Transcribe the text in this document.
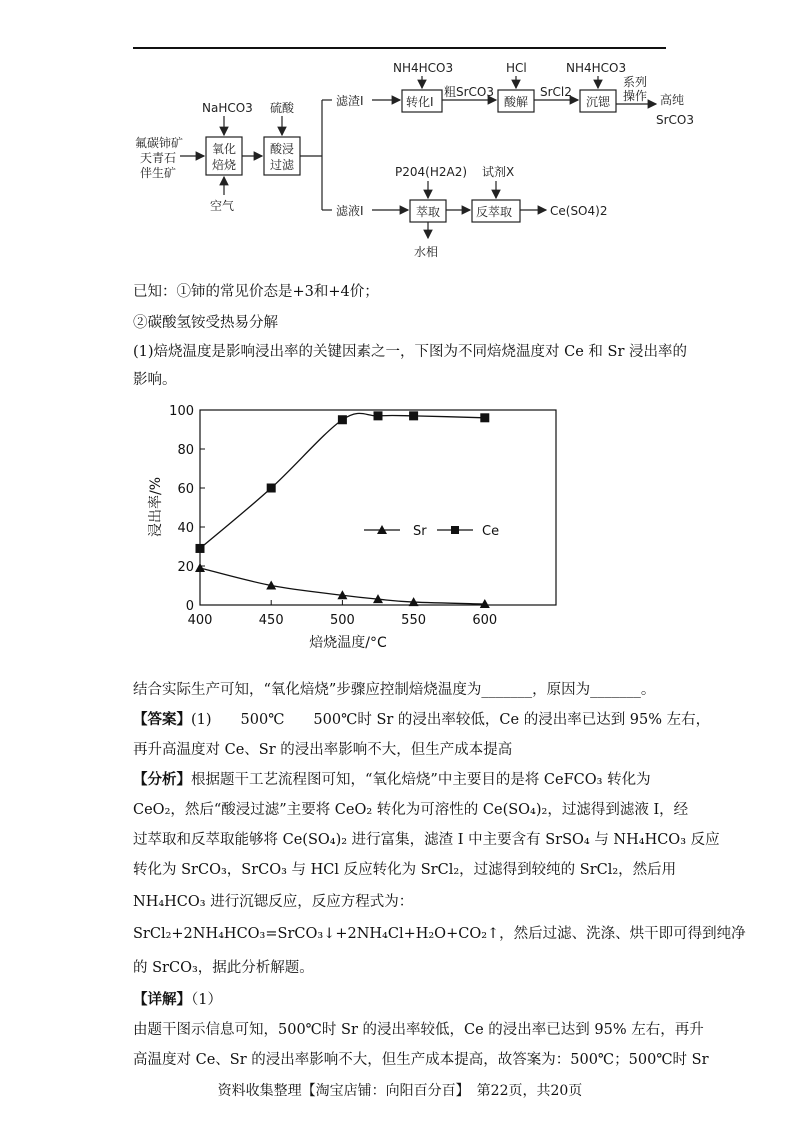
氟碳铈矿
天青石
伴生矿
氧化
焙烧
NaHCO3
空气
酸浸
过滤
硫酸	滤渣I	转化I
NH4HCO3
粗SrCO3
酸解
HCl
SrCl2
沉锶
NH4HCO3
系列
操作 高纯
SrCO3
滤液I	萃取
P204(H2A2)
水相
反萃取
试剂X
Ce(SO4)2
已知：①铈的常见价态是+3和+4价；
②碳酸氢铵受热易分解
(1)焙烧温度是影响浸出率的关键因素之一，下图为不同焙烧温度对 Ce 和 Sr 浸出率的
影响。
0
20
40
60
80
100
400	450	500	550	600
Sr	Ce
焙烧温度/°C
浸出率/%
结合实际生产可知，“氧化焙烧”步骤应控制焙烧温度为_______，原因为_______。
【答案】(1)　　500℃　　500℃时 Sr 的浸出率较低，Ce 的浸出率已达到 95% 左右，
再升高温度对 Ce、Sr 的浸出率影响不大，但生产成本提高
【分析】根据题干工艺流程图可知，“氧化焙烧”中主要目的是将 CeFCO₃ 转化为
CeO₂，然后“酸浸过滤”主要将 CeO₂ 转化为可溶性的 Ce(SO₄)₂，过滤得到滤液 I，经
过萃取和反萃取能够将 Ce(SO₄)₂ 进行富集，滤渣 I 中主要含有 SrSO₄ 与 NH₄HCO₃ 反应
转化为 SrCO₃，SrCO₃ 与 HCl 反应转化为 SrCl₂，过滤得到较纯的 SrCl₂，然后用
NH₄HCO₃ 进行沉锶反应，反应方程式为：
SrCl₂+2NH₄HCO₃=SrCO₃↓+2NH₄Cl+H₂O+CO₂↑，然后过滤、洗涤、烘干即可得到纯净
的 SrCO₃，据此分析解题。
【详解】（1）
由题干图示信息可知，500℃时 Sr 的浸出率较低，Ce 的浸出率已达到 95% 左右，再升
高温度对 Ce、Sr 的浸出率影响不大，但生产成本提高，故答案为：500℃；500℃时 Sr
资料收集整理【淘宝店铺：向阳百分百】　第22页，共20页
